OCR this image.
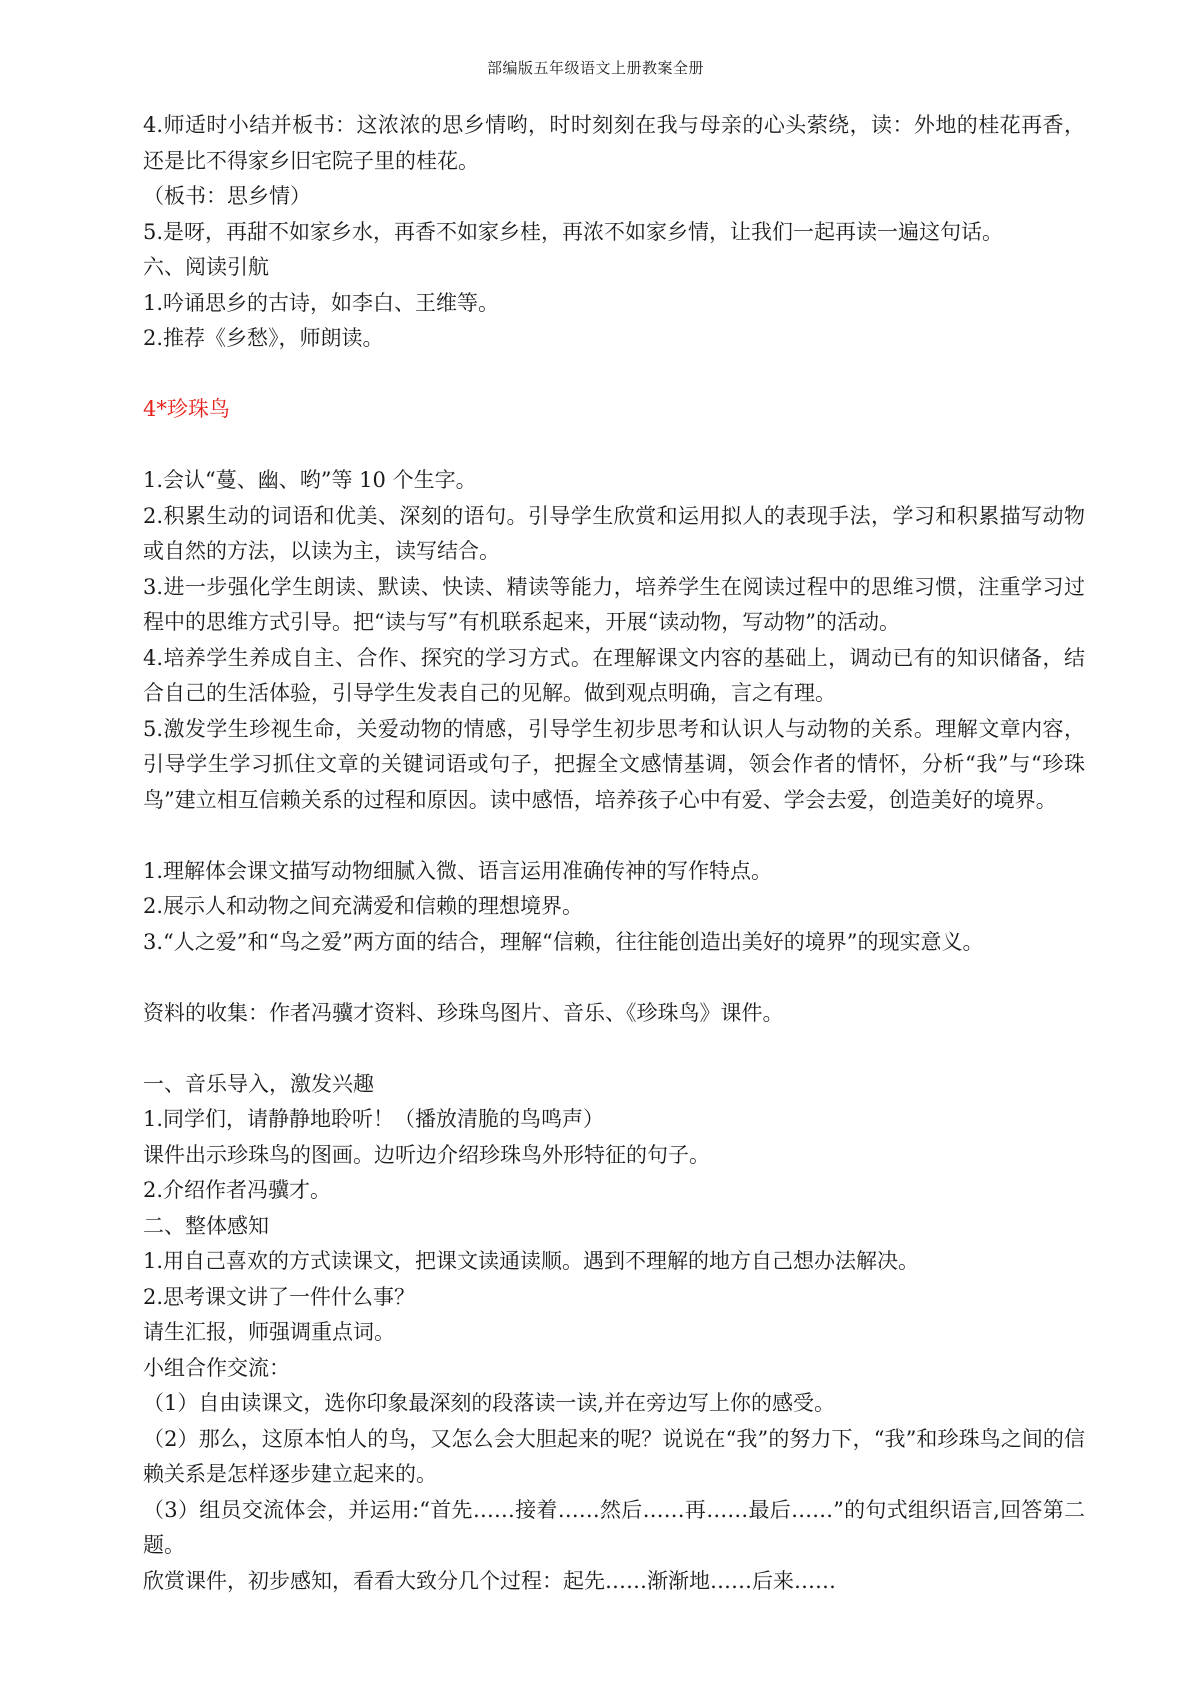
部编版五年级语文上册教案全册

4.师适时小结并板书：这浓浓的思乡情哟，时时刻刻在我与母亲的心头萦绕，读：外地的桂花再香，还是比不得家乡旧宅院子里的桂花。

（板书：思乡情）

5.是呀，再甜不如家乡水，再香不如家乡桂，再浓不如家乡情，让我们一起再读一遍这句话。

六、阅读引航

1.吟诵思乡的古诗，如李白、王维等。

2.推荐《乡愁》，师朗读。

4*珍珠鸟

1.会认“蔓、幽、哟”等 10 个生字。

2.积累生动的词语和优美、深刻的语句。引导学生欣赏和运用拟人的表现手法，学习和积累描写动物或自然的方法，以读为主，读写结合。

3.进一步强化学生朗读、默读、快读、精读等能力，培养学生在阅读过程中的思维习惯，注重学习过程中的思维方式引导。把“读与写”有机联系起来，开展“读动物，写动物”的活动。

4.培养学生养成自主、合作、探究的学习方式。在理解课文内容的基础上，调动已有的知识储备，结合自己的生活体验，引导学生发表自己的见解。做到观点明确，言之有理。

5.激发学生珍视生命，关爱动物的情感，引导学生初步思考和认识人与动物的关系。理解文章内容，引导学生学习抓住文章的关键词语或句子，把握全文感情基调，领会作者的情怀，分析“我”与“珍珠鸟”建立相互信赖关系的过程和原因。读中感悟，培养孩子心中有爱、学会去爱，创造美好的境界。

1.理解体会课文描写动物细腻入微、语言运用准确传神的写作特点。

2.展示人和动物之间充满爱和信赖的理想境界。

3.“人之爱”和“鸟之爱”两方面的结合，理解“信赖，往往能创造出美好的境界”的现实意义。

资料的收集：作者冯骥才资料、珍珠鸟图片、音乐、《珍珠鸟》课件。

一、音乐导入，激发兴趣

1.同学们，请静静地聆听！（播放清脆的鸟鸣声）

课件出示珍珠鸟的图画。边听边介绍珍珠鸟外形特征的句子。

2.介绍作者冯骥才。

二、整体感知

1.用自己喜欢的方式读课文，把课文读通读顺。遇到不理解的地方自己想办法解决。

2.思考课文讲了一件什么事？

请生汇报，师强调重点词。

小组合作交流：

（1）自由读课文，选你印象最深刻的段落读一读,并在旁边写上你的感受。

（2）那么，这原本怕人的鸟，又怎么会大胆起来的呢？说说在“我”的努力下，“我”和珍珠鸟之间的信赖关系是怎样逐步建立起来的。

（3）组员交流体会，并运用:“首先……接着……然后……再……最后……”的句式组织语言,回答第二题。

欣赏课件，初步感知，看看大致分几个过程：起先……渐渐地……后来……
